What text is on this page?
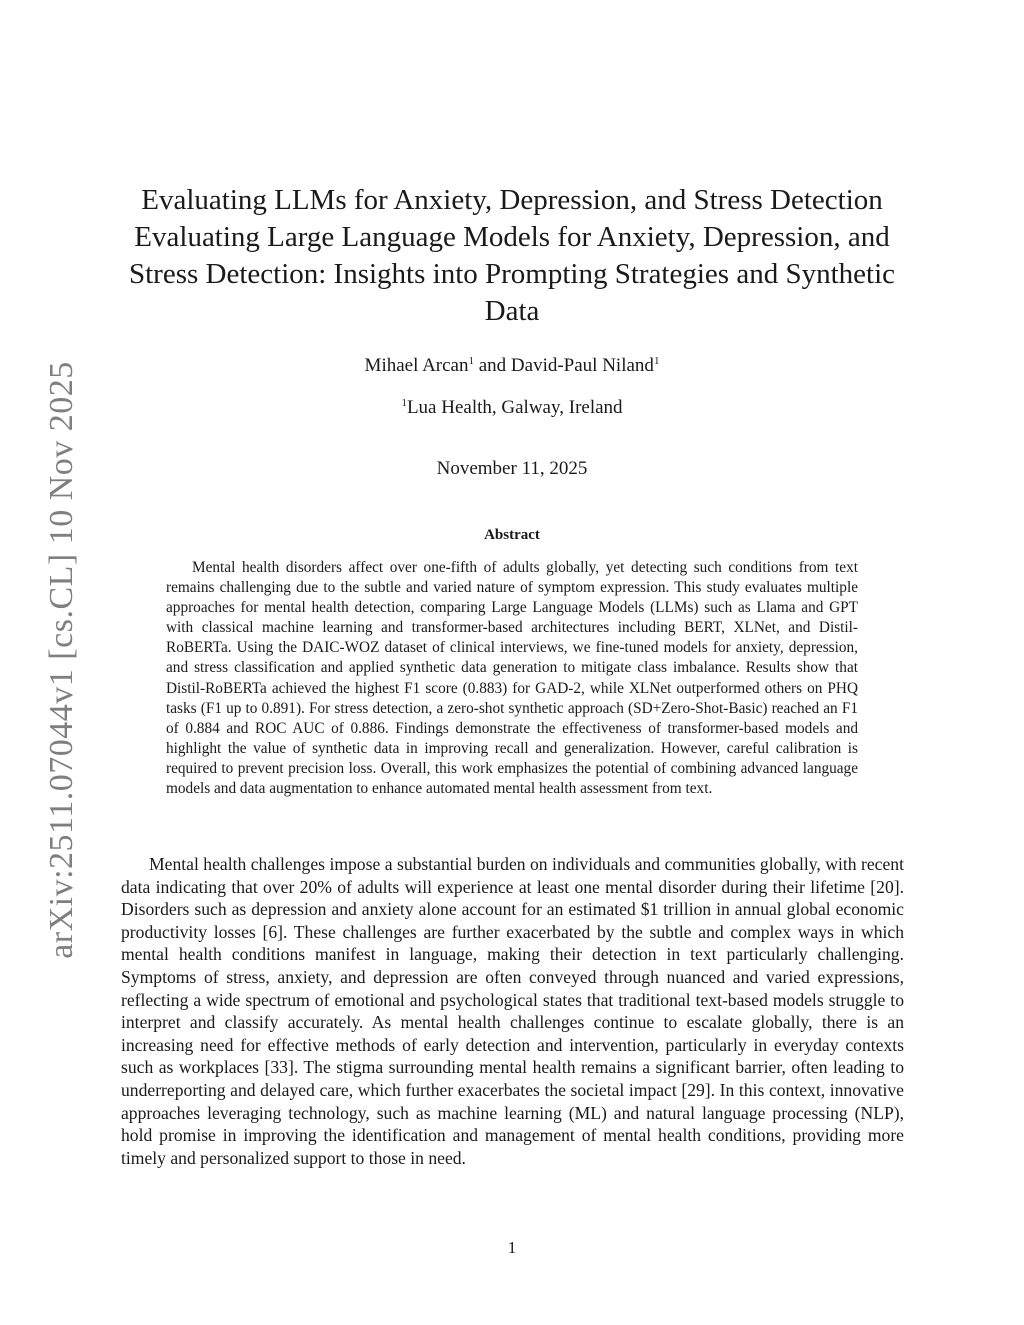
arXiv:2511.07044v1 [cs.CL] 10 Nov 2025
Evaluating LLMs for Anxiety, Depression, and Stress Detection
Evaluating Large Language Models for Anxiety, Depression, and
Stress Detection: Insights into Prompting Strategies and Synthetic
Data
Mihael Arcan$^1$ and David-Paul Niland$^1$
$^1$Lua Health, Galway, Ireland
November 11, 2025
Abstract

Mental health disorders affect over one-fifth of adults globally, yet detecting such conditions from text remains challenging due to the subtle and varied nature of symptom expression. This study evaluates multiple approaches for mental health detection, comparing Large Language Models (LLMs) such as Llama and GPT with classical machine learning and transformer-based architectures including BERT, XLNet, and Distil-RoBERTa. Using the DAIC-WOZ dataset of clinical interviews, we fine-tuned models for anxiety, depression, and stress classification and applied synthetic data generation to mitigate class imbalance. Results show that Distil-RoBERTa achieved the highest F1 score (0.883) for GAD-2, while XLNet outperformed others on PHQ tasks (F1 up to 0.891). For stress detection, a zero-shot synthetic approach (SD+Zero-Shot-Basic) reached an F1 of 0.884 and ROC AUC of 0.886. Findings demonstrate the effectiveness of transformer-based models and highlight the value of synthetic data in improving recall and generalization. However, careful calibration is required to prevent precision loss. Overall, this work emphasizes the potential of combining advanced language models and data augmentation to enhance automated mental health assessment from text.

Mental health challenges impose a substantial burden on individuals and communities globally, with recent data indicating that over 20% of adults will experience at least one mental disorder during their lifetime [20]. Disorders such as depression and anxiety alone account for an estimated $1 trillion in annual global economic productivity losses [6]. These challenges are further exacerbated by the subtle and complex ways in which mental health conditions manifest in language, making their detection in text particularly challenging. Symptoms of stress, anxiety, and depression are often conveyed through nuanced and varied expressions, reflecting a wide spectrum of emotional and psychological states that traditional text-based models struggle to interpret and classify accurately. As mental health challenges continue to escalate globally, there is an increasing need for effective methods of early detection and intervention, particularly in everyday contexts such as workplaces [33]. The stigma surrounding mental health remains a significant barrier, often leading to underreporting and delayed care, which further exacerbates the societal impact [29]. In this context, innovative approaches leveraging technology, such as machine learning (ML) and natural language processing (NLP), hold promise in improving the identification and management of mental health conditions, providing more timely and personalized support to those in need.

1
